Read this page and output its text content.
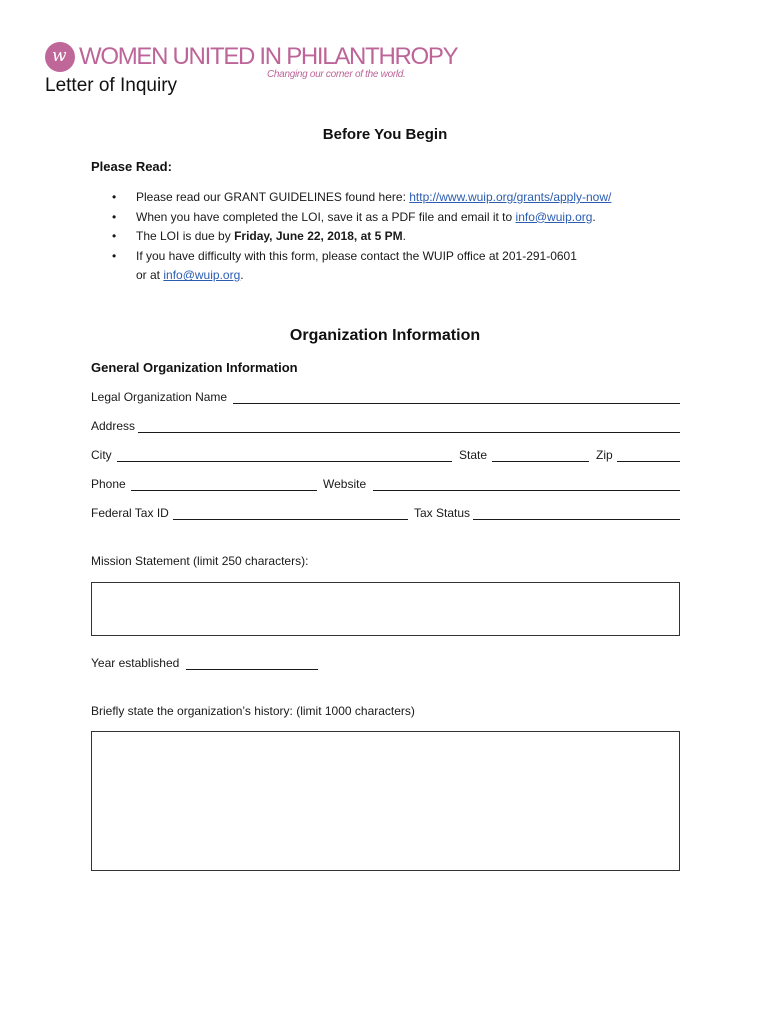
w WOMEN UNITED IN PHILANTHROPY
Changing our corner of the world.
Letter of Inquiry
Before You Begin
Please Read:
• Please read our GRANT GUIDELINES found here: http://www.wuip.org/grants/apply-now/
• When you have completed the LOI, save it as a PDF file and email it to info@wuip.org.
• The LOI is due by Friday, June 22, 2018, at 5 PM.
• If you have difficulty with this form, please contact the WUIP office at 201-291-0601
or at info@wuip.org.
Organization Information
General Organization Information
Legal Organization Name
Address
City	State	Zip
Phone	Website
Federal Tax ID	Tax Status
Mission Statement (limit 250 characters):
Year established
Briefly state the organization’s history: (limit 1000 characters)
